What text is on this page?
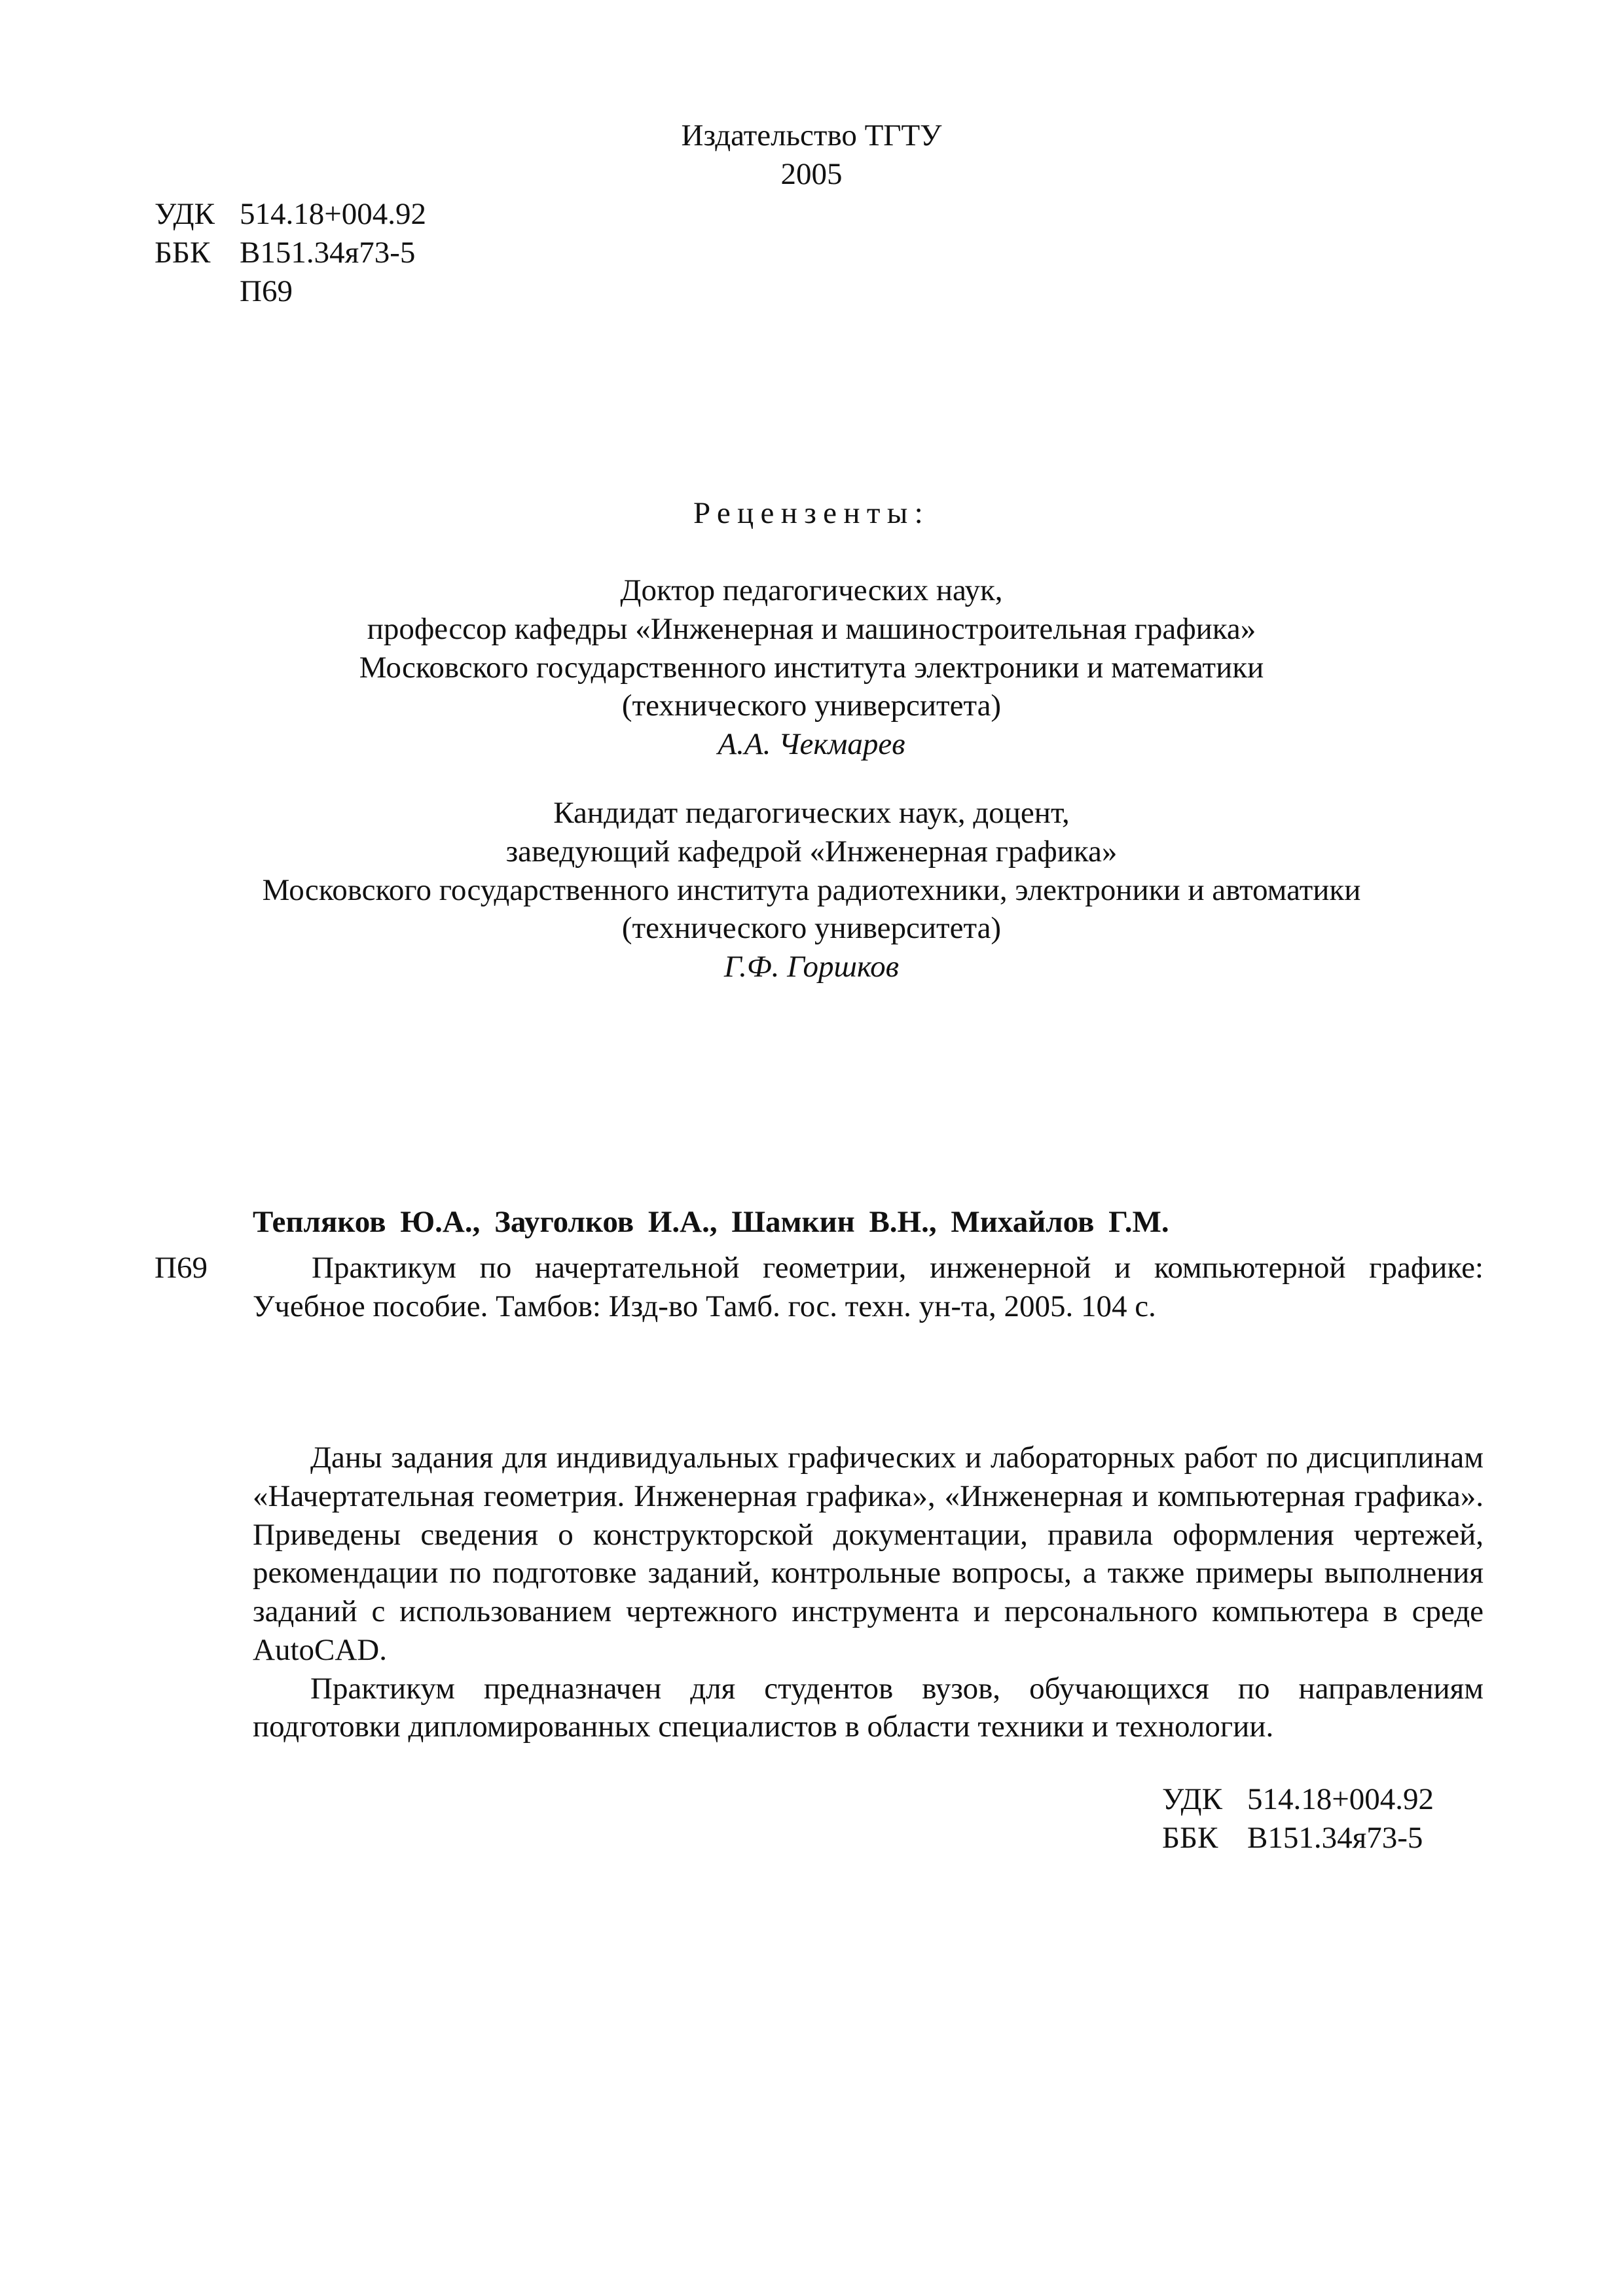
Издательство ТГТУ
2005
УДК 514.18+004.92
ББК В151.34я73-5
П69
Рецензенты:
Доктор педагогических наук,
профессор кафедры «Инженерная и машиностроительная графика»
Московского государственного института электроники и математики
(технического университета)
А.А. Чекмарев
Кандидат педагогических наук, доцент,
заведующий кафедрой «Инженерная графика»
Московского государственного института радиотехники, электроники и автоматики
(технического университета)
Г.Ф. Горшков
Тепляков Ю.А., Зауголков И.А., Шамкин В.Н., Михайлов Г.М.
П69	Практикум по начертательной геометрии, инженерной и компьютерной графике:
Учебное пособие. Тамбов: Изд-во Тамб. гос. техн. ун-та, 2005. 104 с.

Даны задания для индивидуальных графических и лабораторных работ по дисциплинам «Начертательная геометрия. Инженерная графика», «Инженерная и компьютерная графика». Приведены сведения о конструкторской документации, правила оформления чертежей, рекомендации по подготовке заданий, контрольные вопросы, а также примеры выполнения заданий с использованием чертежного инструмента и персонального компьютера в среде AutoCAD.

Практикум предназначен для студентов вузов, обучающихся по направлениям подготовки дипломированных специалистов в области техники и технологии.

УДК 514.18+004.92
ББК В151.34я73-5
